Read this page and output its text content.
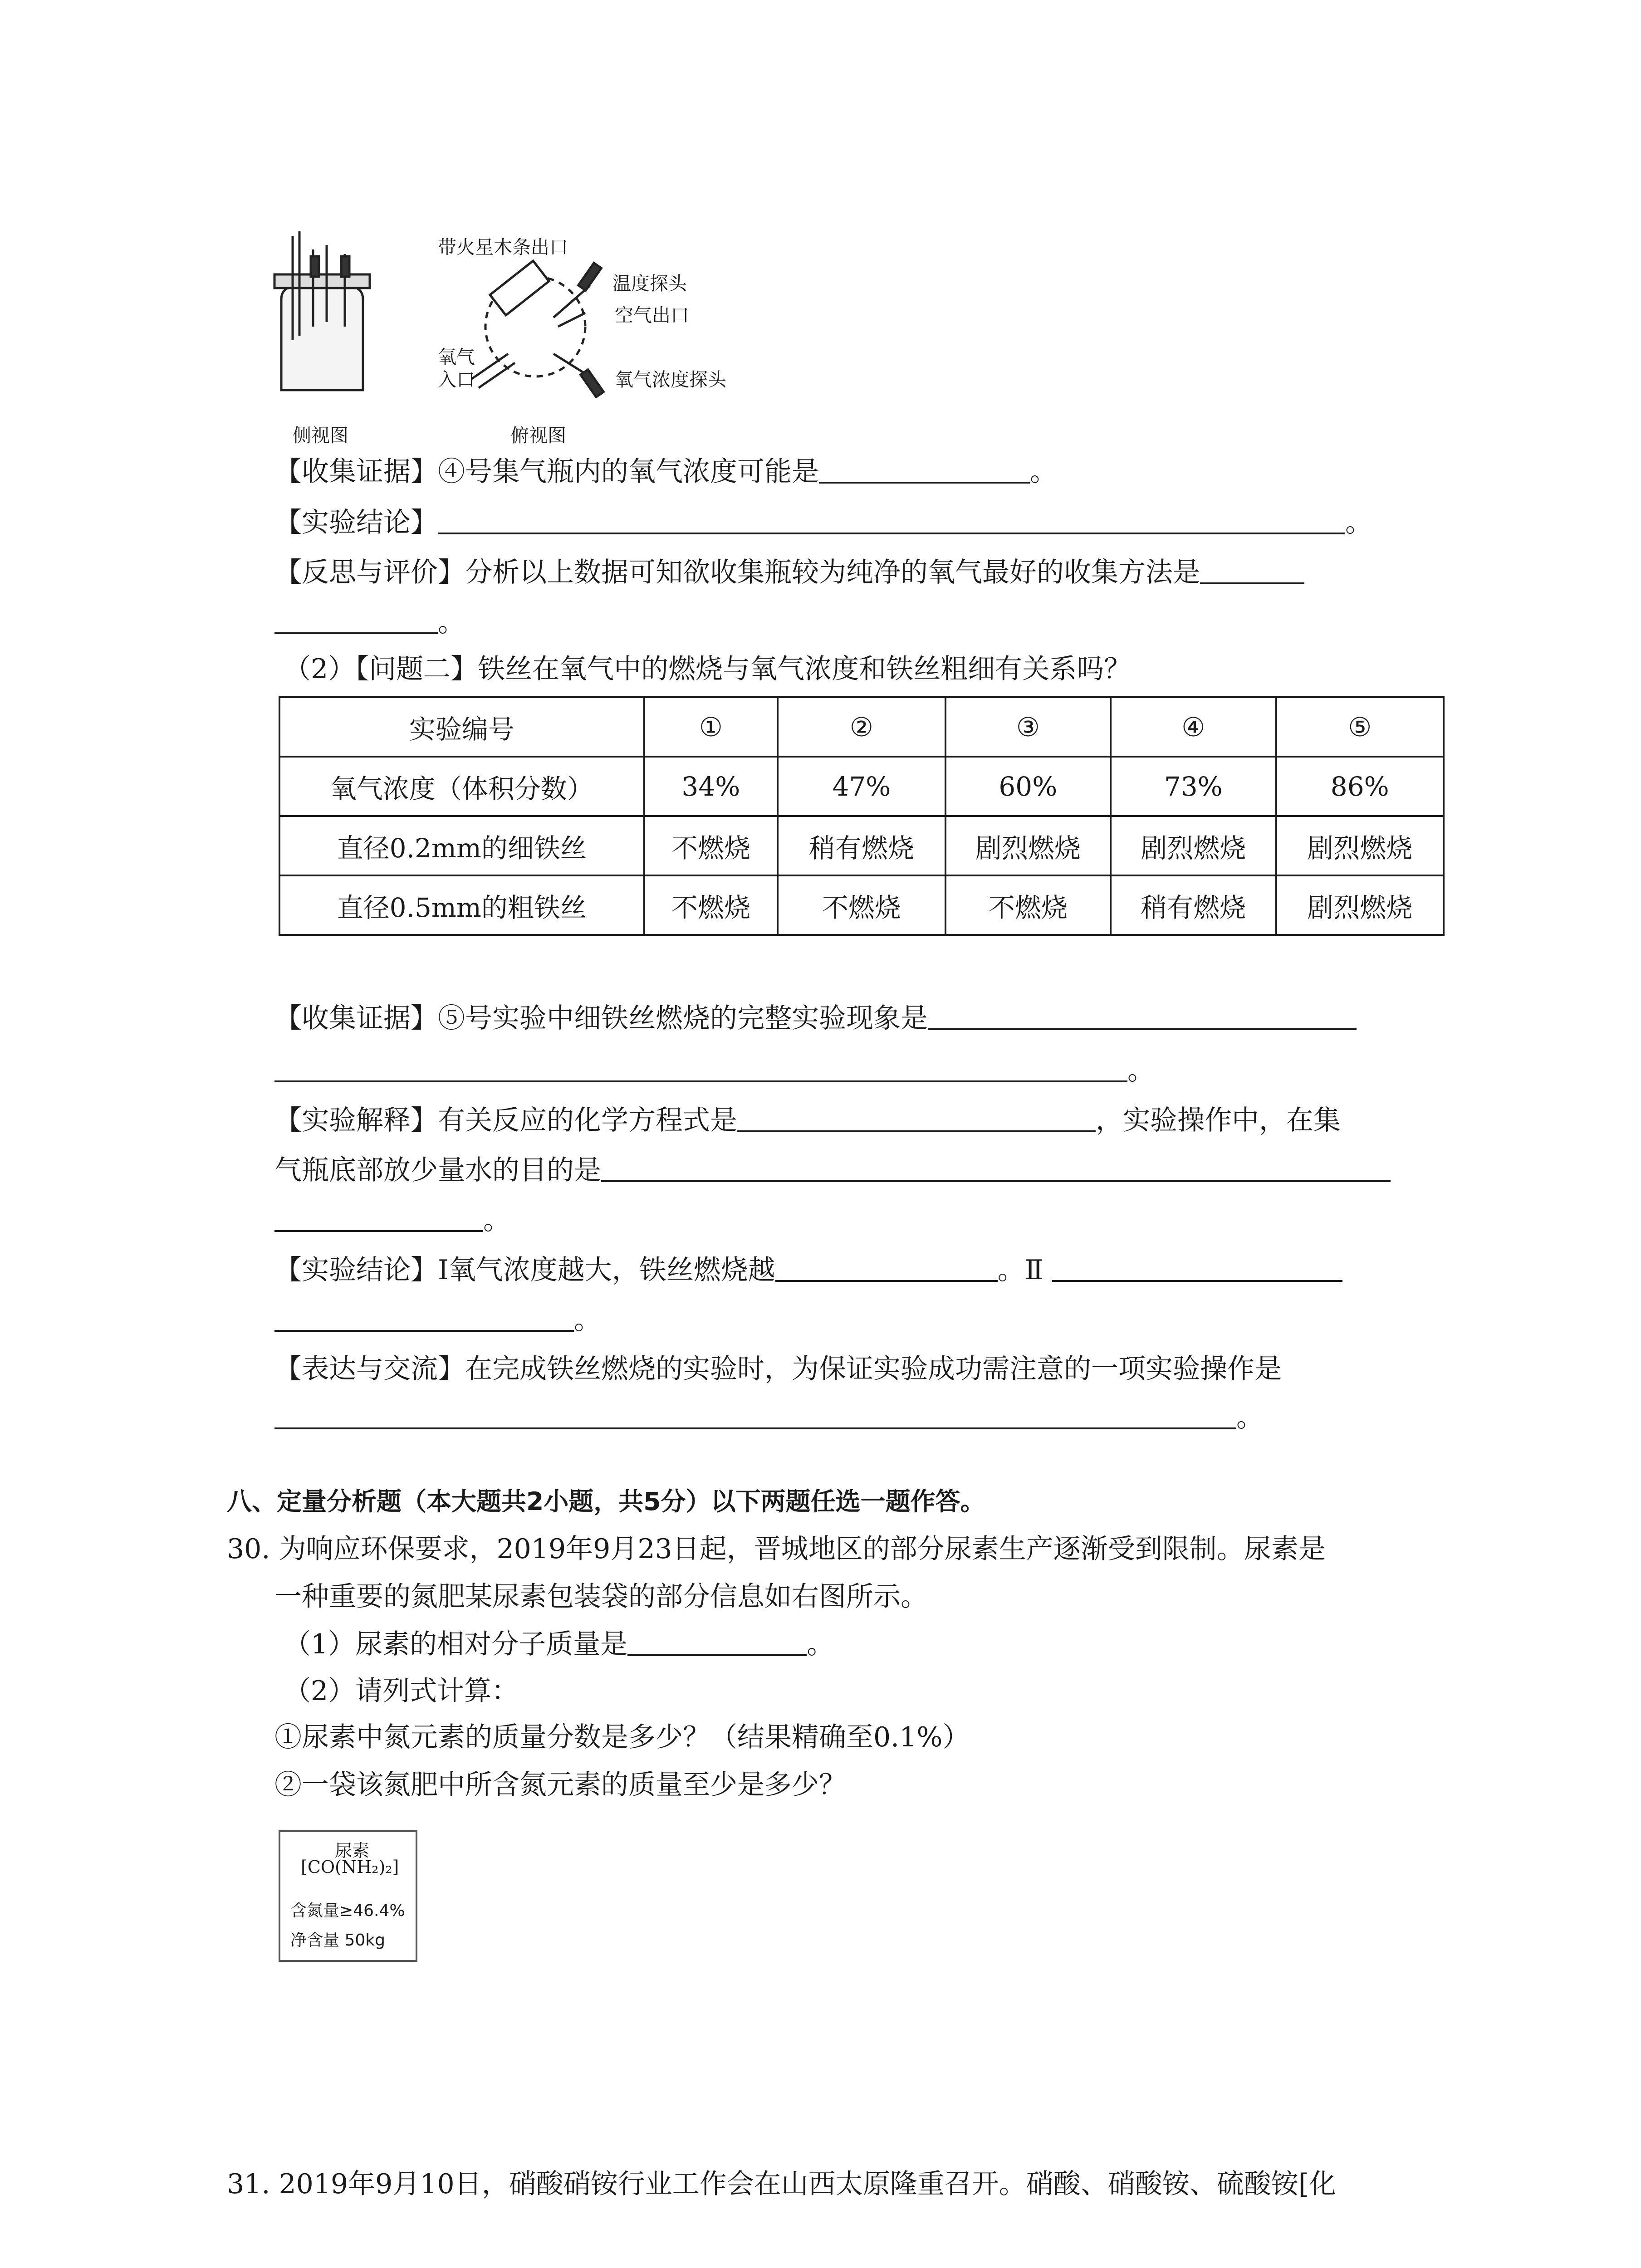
带火星木条出口
温度探头
空气出口
氧气
入口	氧气浓度探头
侧视图	俯视图
【收集证据】④号集气瓶内的氧气浓度可能是	。
【实验结论】	。
【反思与评价】分析以上数据可知欲收集瓶较为纯净的氧气最好的收集方法是
。
（2）【问题二】铁丝在氧气中的燃烧与氧气浓度和铁丝粗细有关系吗？
实验编号	①	②	③	④	⑤
氧气浓度（体积分数）	34%	47%	60%	73%	86%
直径0.2mm的细铁丝	不燃烧	稍有燃烧	剧烈燃烧	剧烈燃烧	剧烈燃烧
直径0.5mm的粗铁丝	不燃烧	不燃烧	不燃烧	稍有燃烧	剧烈燃烧
【收集证据】⑤号实验中细铁丝燃烧的完整实验现象是
。
【实验解释】有关反应的化学方程式是	，实验操作中，在集
气瓶底部放少量水的目的是
。
【实验结论】Ⅰ氧气浓度越大，铁丝燃烧越	。Ⅱ
。
【表达与交流】在完成铁丝燃烧的实验时，为保证实验成功需注意的一项实验操作是
。
八、定量分析题（本大题共2小题，共5分）以下两题任选一题作答。
30. 为响应环保要求，2019年9月23日起，晋城地区的部分尿素生产逐渐受到限制。尿素是
一种重要的氮肥某尿素包装袋的部分信息如右图所示。
（1）尿素的相对分子质量是	。
（2）请列式计算：
①尿素中氮元素的质量分数是多少？（结果精确至0.1%）
②一袋该氮肥中所含氮元素的质量至少是多少？
尿素
[CO(NH₂)₂]
含氮量≥46.4%
净含量 50kg
31. 2019年9月10日，硝酸硝铵行业工作会在山西太原隆重召开。硝酸、硝酸铵、硫酸铵[化
